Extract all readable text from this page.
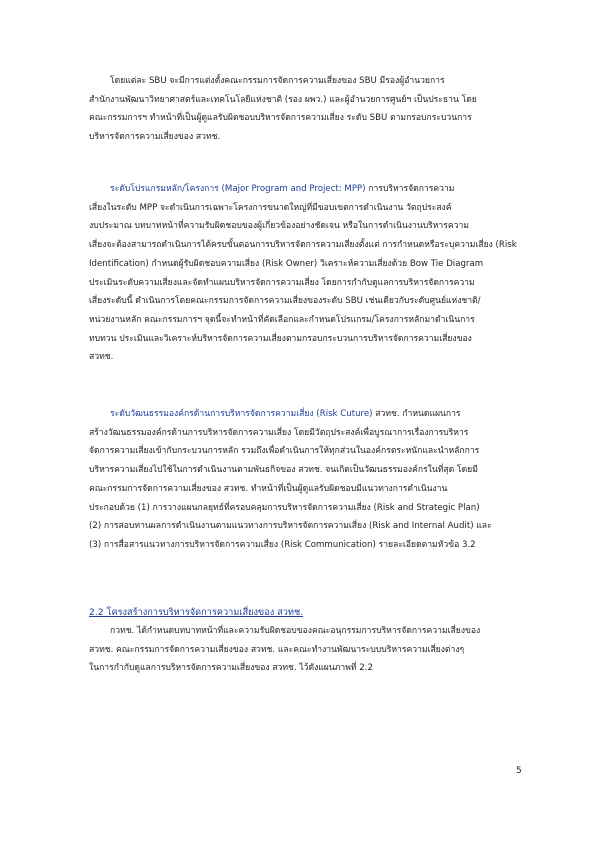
โดยแต่ละ SBU จะมีการแต่งตั้งคณะกรรมการจัดการความเสี่ยงของ SBU มีรองผู้อำนวยการ
สำนักงานพัฒนาวิทยาศาสตร์และเทคโนโลยีแห่งชาติ (รอง ผพว.) และผู้อำนวยการศูนย์ฯ เป็นประธาน โดย
คณะกรรมการฯ ทำหน้าที่เป็นผู้ดูแลรับผิดชอบบริหารจัดการความเสี่ยง ระดับ SBU ตามกรอบกระบวนการ
บริหารจัดการความเสี่ยงของ สวทช.
ระดับโปรแกรมหลัก/โครงการ (Major Program and Project: MPP) การบริหารจัดการความ
เสี่ยงในระดับ MPP จะดำเนินการเฉพาะโครงการขนาดใหญ่ที่มีขอบเขตการดำเนินงาน วัตถุประสงค์
งบประมาณ บทบาทหน้าที่ความรับผิดชอบของผู้เกี่ยวข้องอย่างชัดเจน หรือในการดำเนินงานบริหารความ
เสี่ยงจะต้องสามารถดำเนินการได้ครบขั้นตอนการบริหารจัดการความเสี่ยงตั้งแต่ การกำหนดหรือระบุความเสี่ยง (Risk
Identification) กำหนดผู้รับผิดชอบความเสี่ยง (Risk Owner) วิเคราะห์ความเสี่ยงด้วย Bow Tie Diagram
ประเมินระดับความเสี่ยงและจัดทำแผนบริหารจัดการความเสี่ยง โดยการกำกับดูแลการบริหารจัดการความ
เสี่ยงระดับนี้ ดำเนินการโดยคณะกรรมการจัดการความเสี่ยงของระดับ SBU เช่นเดียวกับระดับศูนย์แห่งชาติ/
หน่วยงานหลัก คณะกรรมการฯ จุดนี้จะทำหน้าที่คัดเลือกและกำหนดโปรแกรม/โครงการหลักมาดำเนินการ
ทบทวน ประเมินและวิเคราะห์บริหารจัดการความเสี่ยงตามกรอบกระบวนการบริหารจัดการความเสี่ยงของ
สวทช.
ระดับวัฒนธรรมองค์กรด้านการบริหารจัดการความเสี่ยง (Risk Cuture) สวทช. กำหนดแผนการ
สร้างวัฒนธรรมองค์กรด้านการบริหารจัดการความเสี่ยง โดยมีวัตถุประสงค์เพื่อบูรณาการเรื่องการบริหาร
จัดการความเสี่ยงเข้ากับกระบวนการหลัก รวมถึงเพื่อดำเนินการให้ทุกส่วนในองค์กรตระหนักและนำหลักการ
บริหารความเสี่ยงไปใช้ในการดำเนินงานตามพันธกิจของ สวทช. จนเกิดเป็นวัฒนธรรมองค์กรในที่สุด โดยมี
คณะกรรมการจัดการความเสี่ยงของ สวทช. ทำหน้าที่เป็นผู้ดูแลรับผิดชอบมีแนวทางการดำเนินงาน
ประกอบด้วย (1) การวางแผนกลยุทธ์ที่ครอบคลุมการบริหารจัดการความเสี่ยง (Risk and Strategic Plan)
(2) การสอบทานผลการดำเนินงานตามแนวทางการบริหารจัดการความเสี่ยง (Risk and Internal Audit) และ
(3) การสื่อสารแนวทางการบริหารจัดการความเสี่ยง (Risk Communication) รายละเอียดตามหัวข้อ 3.2
2.2 โครงสร้างการบริหารจัดการความเสี่ยงของ สวทช.
กวทช. ได้กำหนดบทบาทหน้าที่และความรับผิดชอบของคณะอนุกรรมการบริหารจัดการความเสี่ยงของ
สวทช. คณะกรรมการจัดการความเสี่ยงของ สวทช. และคณะทำงานพัฒนาระบบบริหารความเสี่ยงต่างๆ
ในการกำกับดูแลการบริหารจัดการความเสี่ยงของ สวทช. ไว้ดังแผนภาพที่ 2.2
5
